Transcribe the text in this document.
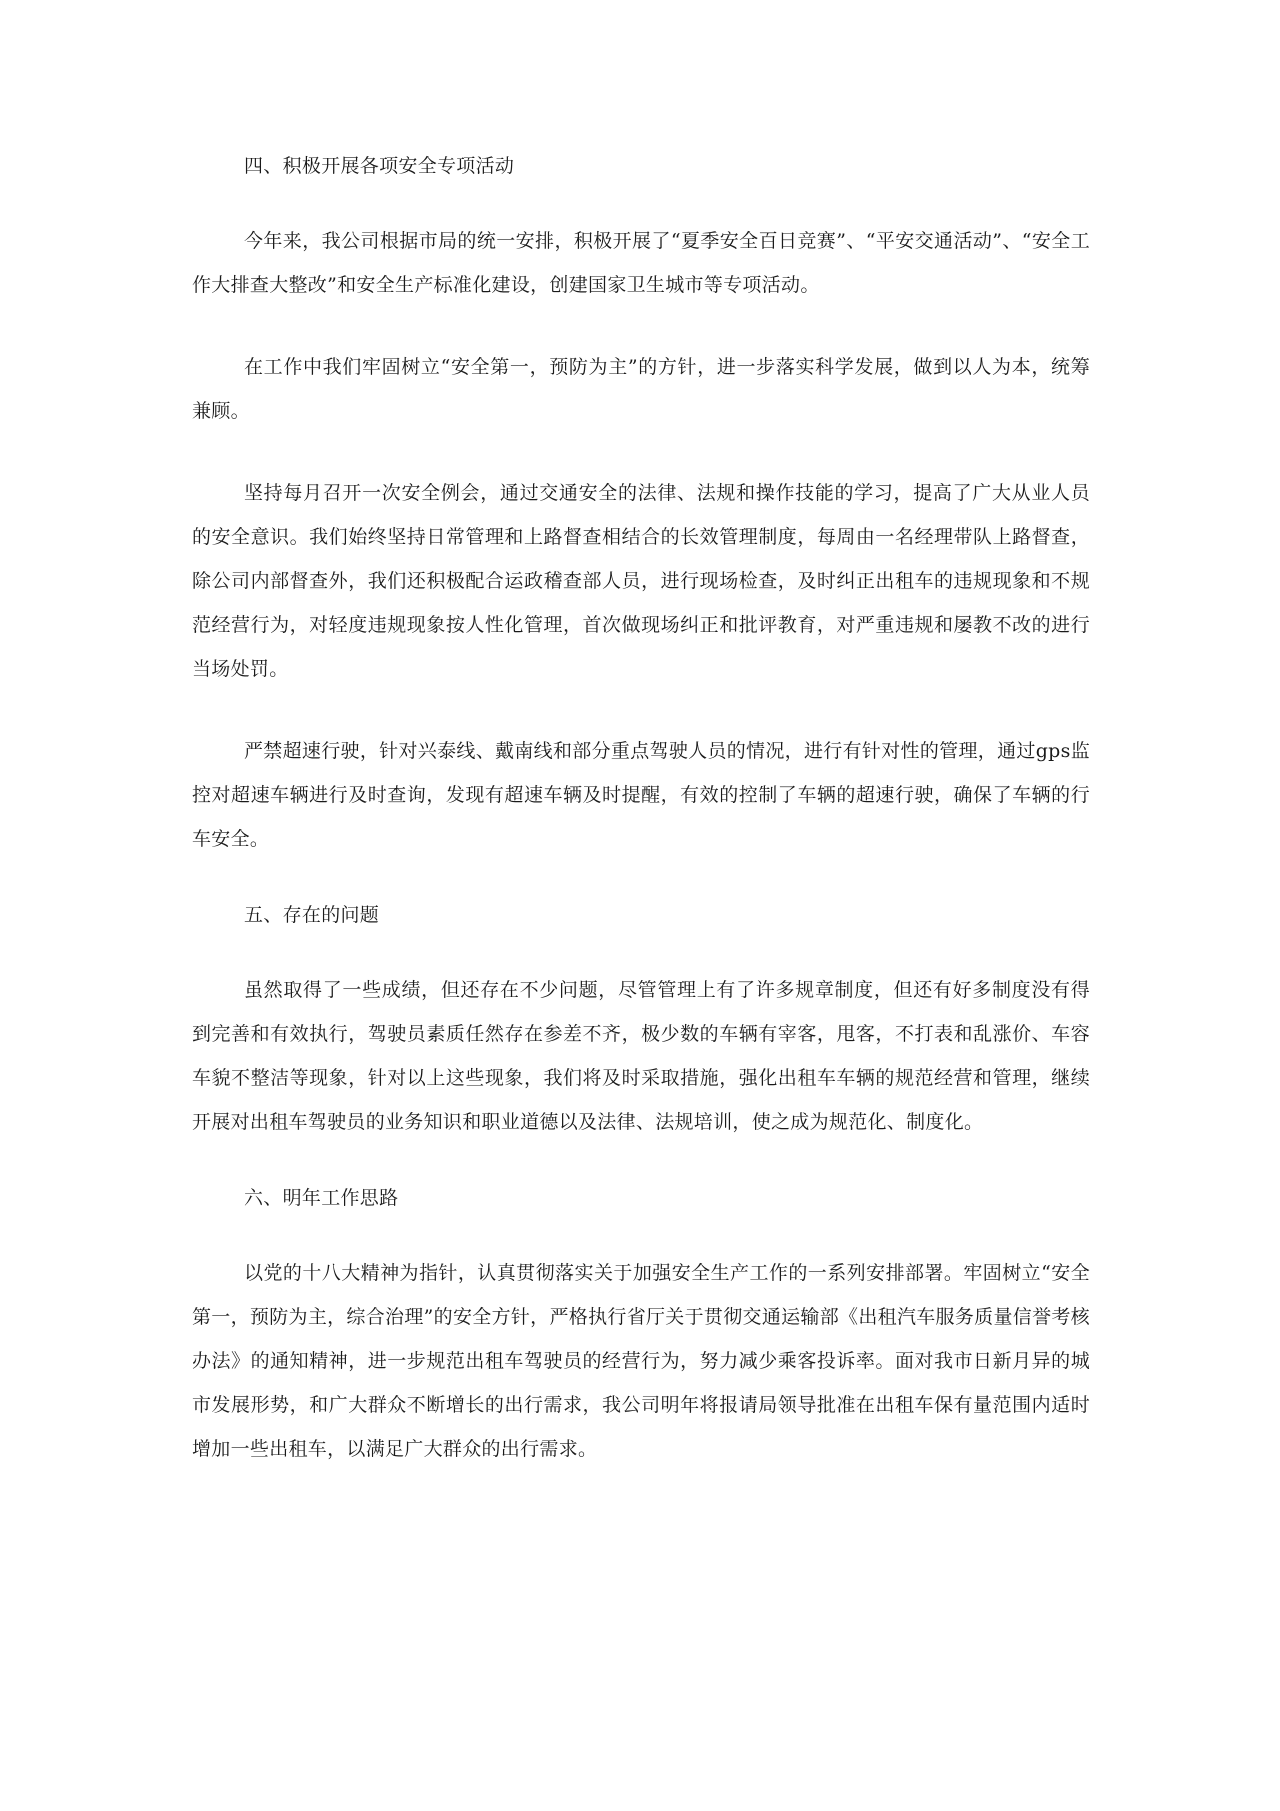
四、积极开展各项安全专项活动

今年来，我公司根据市局的统一安排，积极开展了“夏季安全百日竞赛”、“平安交通活动”、“安全工作大排查大整改”和安全生产标准化建设，创建国家卫生城市等专项活动。

在工作中我们牢固树立“安全第一，预防为主”的方针，进一步落实科学发展，做到以人为本，统筹兼顾。

坚持每月召开一次安全例会，通过交通安全的法律、法规和操作技能的学习，提高了广大从业人员的安全意识。我们始终坚持日常管理和上路督查相结合的长效管理制度，每周由一名经理带队上路督查，除公司内部督查外，我们还积极配合运政稽查部人员，进行现场检查，及时纠正出租车的违规现象和不规范经营行为，对轻度违规现象按人性化管理，首次做现场纠正和批评教育，对严重违规和屡教不改的进行当场处罚。

严禁超速行驶，针对兴泰线、戴南线和部分重点驾驶人员的情况，进行有针对性的管理，通过gps监控对超速车辆进行及时查询，发现有超速车辆及时提醒，有效的控制了车辆的超速行驶，确保了车辆的行车安全。

五、存在的问题

虽然取得了一些成绩，但还存在不少问题，尽管管理上有了许多规章制度，但还有好多制度没有得到完善和有效执行，驾驶员素质任然存在参差不齐，极少数的车辆有宰客，甩客，不打表和乱涨价、车容车貌不整洁等现象，针对以上这些现象，我们将及时采取措施，强化出租车车辆的规范经营和管理，继续开展对出租车驾驶员的业务知识和职业道德以及法律、法规培训，使之成为规范化、制度化。

六、明年工作思路

以党的十八大精神为指针，认真贯彻落实关于加强安全生产工作的一系列安排部署。牢固树立“安全第一，预防为主，综合治理”的安全方针，严格执行省厅关于贯彻交通运输部《出租汽车服务质量信誉考核办法》的通知精神，进一步规范出租车驾驶员的经营行为，努力减少乘客投诉率。面对我市日新月异的城市发展形势，和广大群众不断增长的出行需求，我公司明年将报请局领导批准在出租车保有量范围内适时增加一些出租车，以满足广大群众的出行需求。
